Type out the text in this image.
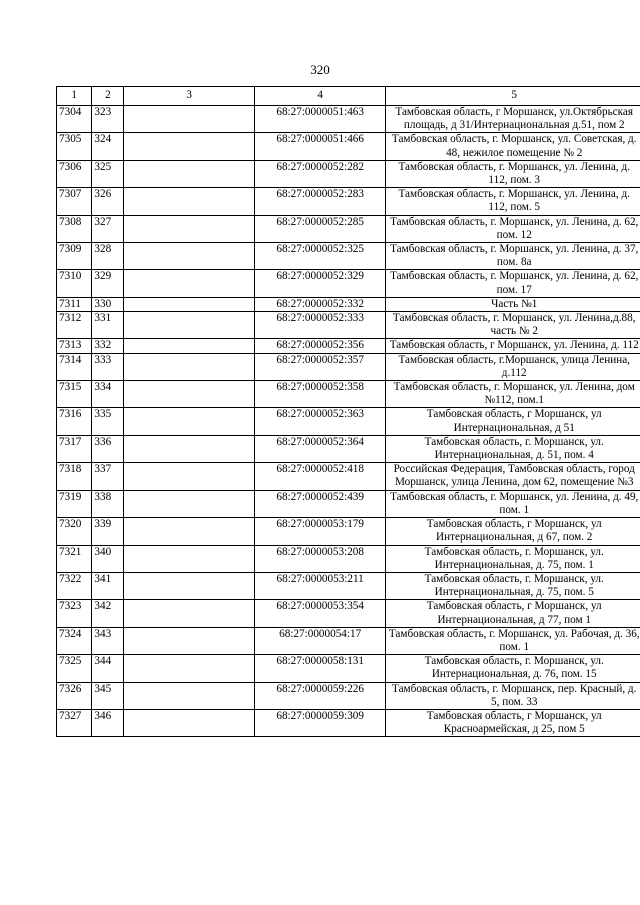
320
1	2	3	4	5
7304	323		68:27:0000051:463	Тамбовская область, г Моршанск, ул.Октябрьская площадь, д 31/Интернациональная д.51, пом 2
7305	324		68:27:0000051:466	Тамбовская область, г. Моршанск, ул. Советская, д. 48, нежилое помещение № 2
7306	325		68:27:0000052:282	Тамбовская область, г. Моршанск, ул. Ленина, д. 112, пом. 3
7307	326		68:27:0000052:283	Тамбовская область, г. Моршанск, ул. Ленина, д. 112, пом. 5
7308	327		68:27:0000052:285	Тамбовская область, г. Моршанск, ул. Ленина, д. 62, пом. 12
7309	328		68:27:0000052:325	Тамбовская область, г. Моршанск, ул. Ленина, д. 37, пом. 8а
7310	329		68:27:0000052:329	Тамбовская область, г. Моршанск, ул. Ленина, д. 62, пом. 17
7311	330		68:27:0000052:332	Часть №1
7312	331		68:27:0000052:333	Тамбовская область, г. Моршанск, ул. Ленина,д.88, часть № 2
7313	332		68:27:0000052:356	Тамбовская область, г Моршанск, ул. Ленина, д. 112
7314	333		68:27:0000052:357	Тамбовская область, г.Моршанск, улица Ленина, д.112
7315	334		68:27:0000052:358	Тамбовская область, г. Моршанск, ул. Ленина, дом №112, пом.1
7316	335		68:27:0000052:363	Тамбовская область, г Моршанск, ул Интернациональная, д 51
7317	336		68:27:0000052:364	Тамбовская область, г. Моршанск, ул. Интернациональная, д. 51, пом. 4
7318	337		68:27:0000052:418	Российская Федерация, Тамбовская область, город Моршанск, улица Ленина, дом 62, помещение №3
7319	338		68:27:0000052:439	Тамбовская область, г. Моршанск, ул. Ленина, д. 49, пом. 1
7320	339		68:27:0000053:179	Тамбовская область, г Моршанск, ул Интернациональная, д 67, пом. 2
7321	340		68:27:0000053:208	Тамбовская область, г. Моршанск, ул. Интернациональная, д. 75, пом. 1
7322	341		68:27:0000053:211	Тамбовская область, г. Моршанск, ул. Интернациональная, д. 75, пом. 5
7323	342		68:27:0000053:354	Тамбовская область, г Моршанск, ул Интернациональная, д 77, пом 1
7324	343		68:27:0000054:17	Тамбовская область, г. Моршанск, ул. Рабочая, д. 36, пом. 1
7325	344		68:27:0000058:131	Тамбовская область, г. Моршанск, ул. Интернациональная, д. 76, пом. 15
7326	345		68:27:0000059:226	Тамбовская область, г. Моршанск, пер. Красный, д. 5, пом. 33
7327	346		68:27:0000059:309	Тамбовская область, г Моршанск, ул Красноармейская, д 25, пом 5
